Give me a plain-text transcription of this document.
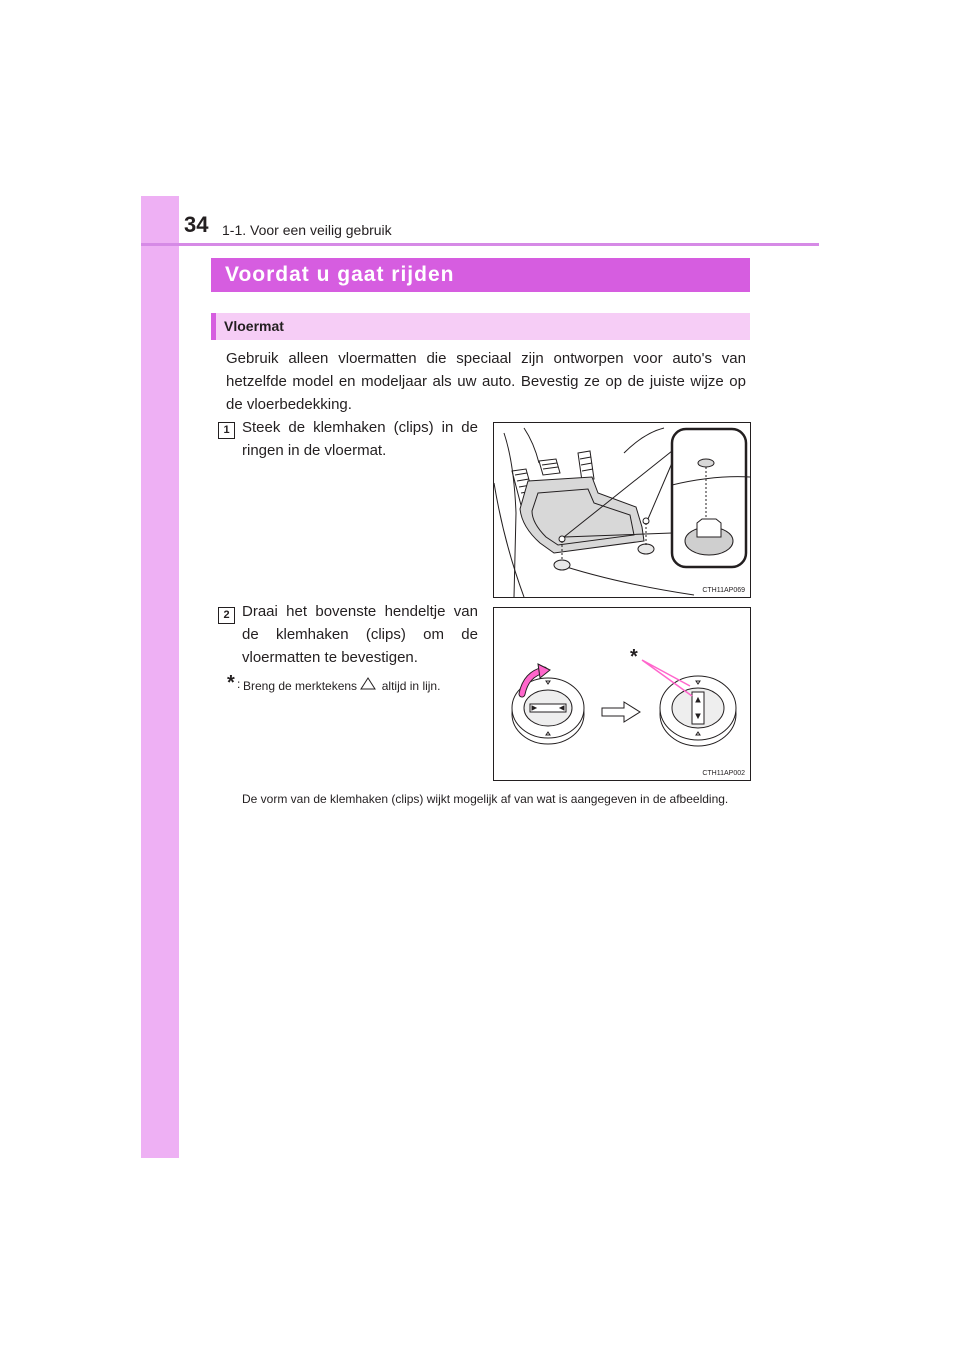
34 1-1. Voor een veilig gebruik
Voordat u gaat rijden
Vloermat

Gebruik alleen vloermatten die speciaal zijn ontworpen voor auto's van hetzelfde model en modeljaar als uw auto. Bevestig ze op de juiste wijze op de vloerbedekking.

1 Steek de klemhaken (clips) in de ringen in de vloermat.

CTH11AP069
2 Draai het bovenste hendeltje van de klemhaken (clips) om de vloermatten te bevestigen.

* : Breng de merktekens altijd in lijn.
*
CTH11AP002

De vorm van de klemhaken (clips) wijkt mogelijk af van wat is aangegeven in de afbeelding.
